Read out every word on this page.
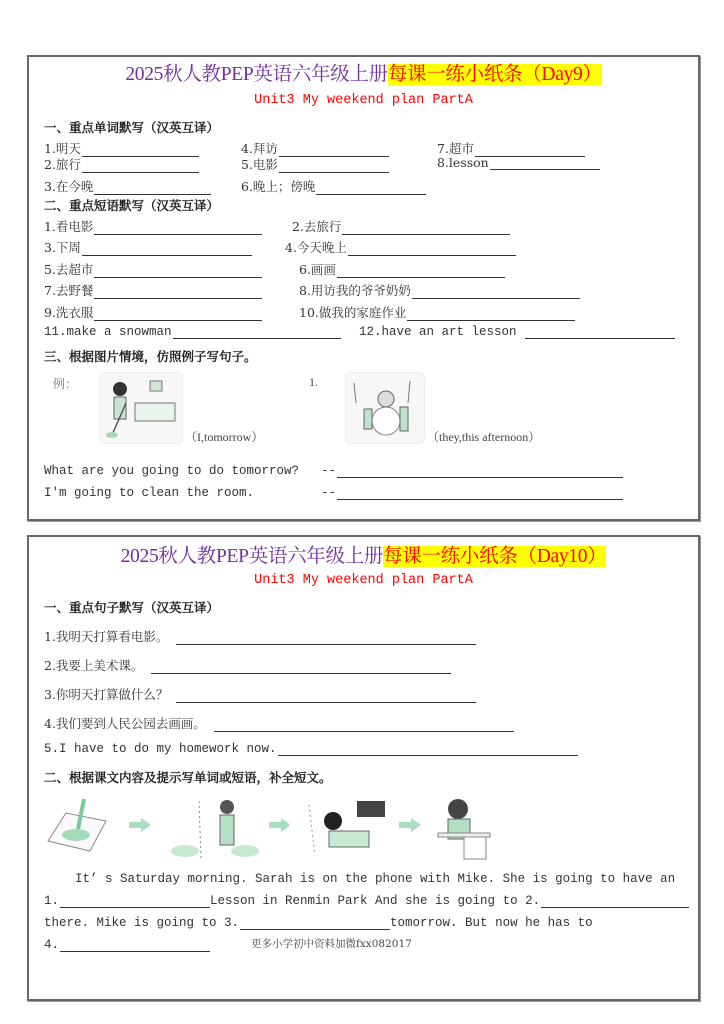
2025秋人教PEP英语六年级上册每课一练小纸条（Day9）
Unit3 My weekend plan PartA
一、重点单词默写（汉英互译）
1.明天	4.拜访	7.超市
2.旅行	5.电影	8.lesson
3.在今晚	6.晚上；傍晚
二、重点短语默写（汉英互译）
1.看电影	2.去旅行
3.下周	4.今天晚上
5.去超市	6.画画
7.去野餐	8.用访我的爷爷奶奶
9.洗衣服	10.做我的家庭作业
11.make a snowman	12.have an art lesson
三、根据图片情境，仿照例子写句子。
例：
（I,tomorrow）
1.
（they,this afternoon）
What are you going to do tomorrow? --
I'm going to clean the room.	--
2025秋人教PEP英语六年级上册每课一练小纸条（Day10）
Unit3 My weekend plan PartA
一、重点句子默写（汉英互译）
1.我明天打算看电影。
2.我要上美术课。
3.你明天打算做什么？
4.我们要到人民公园去画画。
5.I have to do my homework now.
二、根据课文内容及提示写单词或短语，补全短文。
It’ s Saturday morning. Sarah is on the phone with Mike. She is going to have an
1.	Lesson in Renmin Park And she is going to 2.
there. Mike is going to 3.	tomorrow. But now he has to
4.	更多小学初中资料加微fxx082017
